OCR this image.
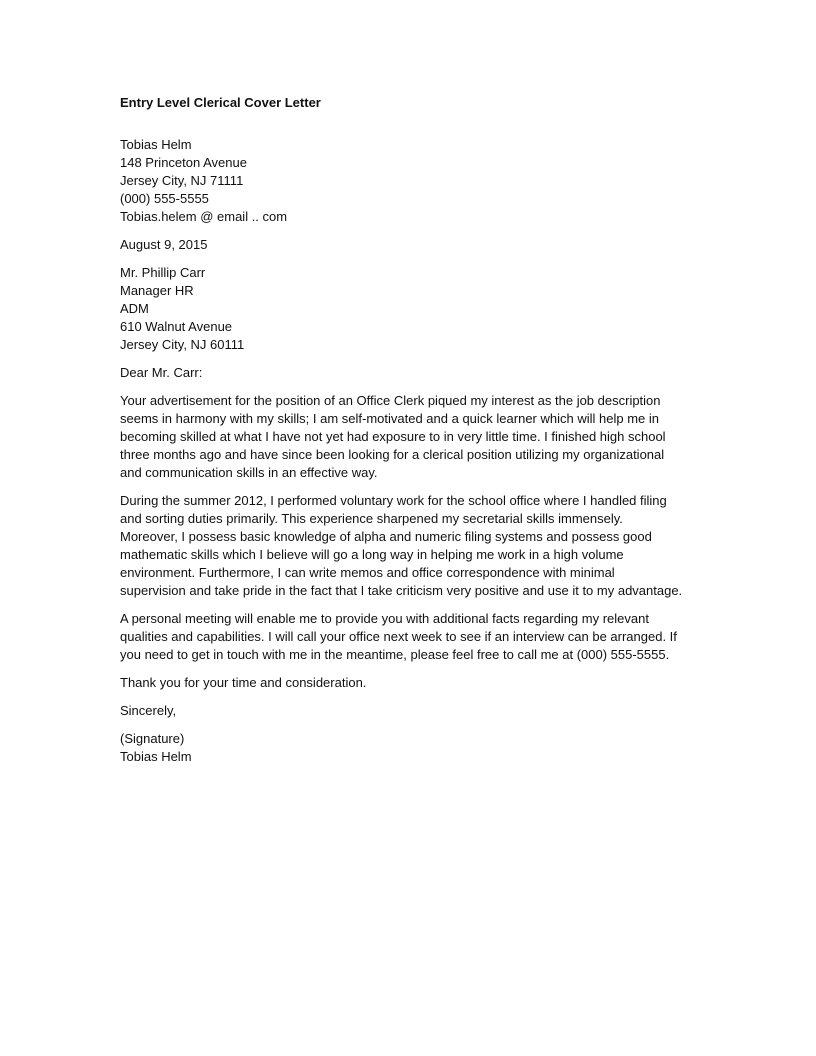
Entry Level Clerical Cover Letter
Tobias Helm
148 Princeton Avenue
Jersey City, NJ 71111
(000) 555-5555
Tobias.helem @ email .. com
August 9, 2015
Mr. Phillip Carr
Manager HR
ADM
610 Walnut Avenue
Jersey City, NJ 60111
Dear Mr. Carr:
Your advertisement for the position of an Office Clerk piqued my interest as the job description
seems in harmony with my skills; I am self-motivated and a quick learner which will help me in
becoming skilled at what I have not yet had exposure to in very little time. I finished high school
three months ago and have since been looking for a clerical position utilizing my organizational
and communication skills in an effective way.
During the summer 2012, I performed voluntary work for the school office where I handled filing
and sorting duties primarily. This experience sharpened my secretarial skills immensely.
Moreover, I possess basic knowledge of alpha and numeric filing systems and possess good
mathematic skills which I believe will go a long way in helping me work in a high volume
environment. Furthermore, I can write memos and office correspondence with minimal
supervision and take pride in the fact that I take criticism very positive and use it to my advantage.
A personal meeting will enable me to provide you with additional facts regarding my relevant
qualities and capabilities. I will call your office next week to see if an interview can be arranged. If
you need to get in touch with me in the meantime, please feel free to call me at (000) 555-5555.
Thank you for your time and consideration.
Sincerely,
(Signature)
Tobias Helm
